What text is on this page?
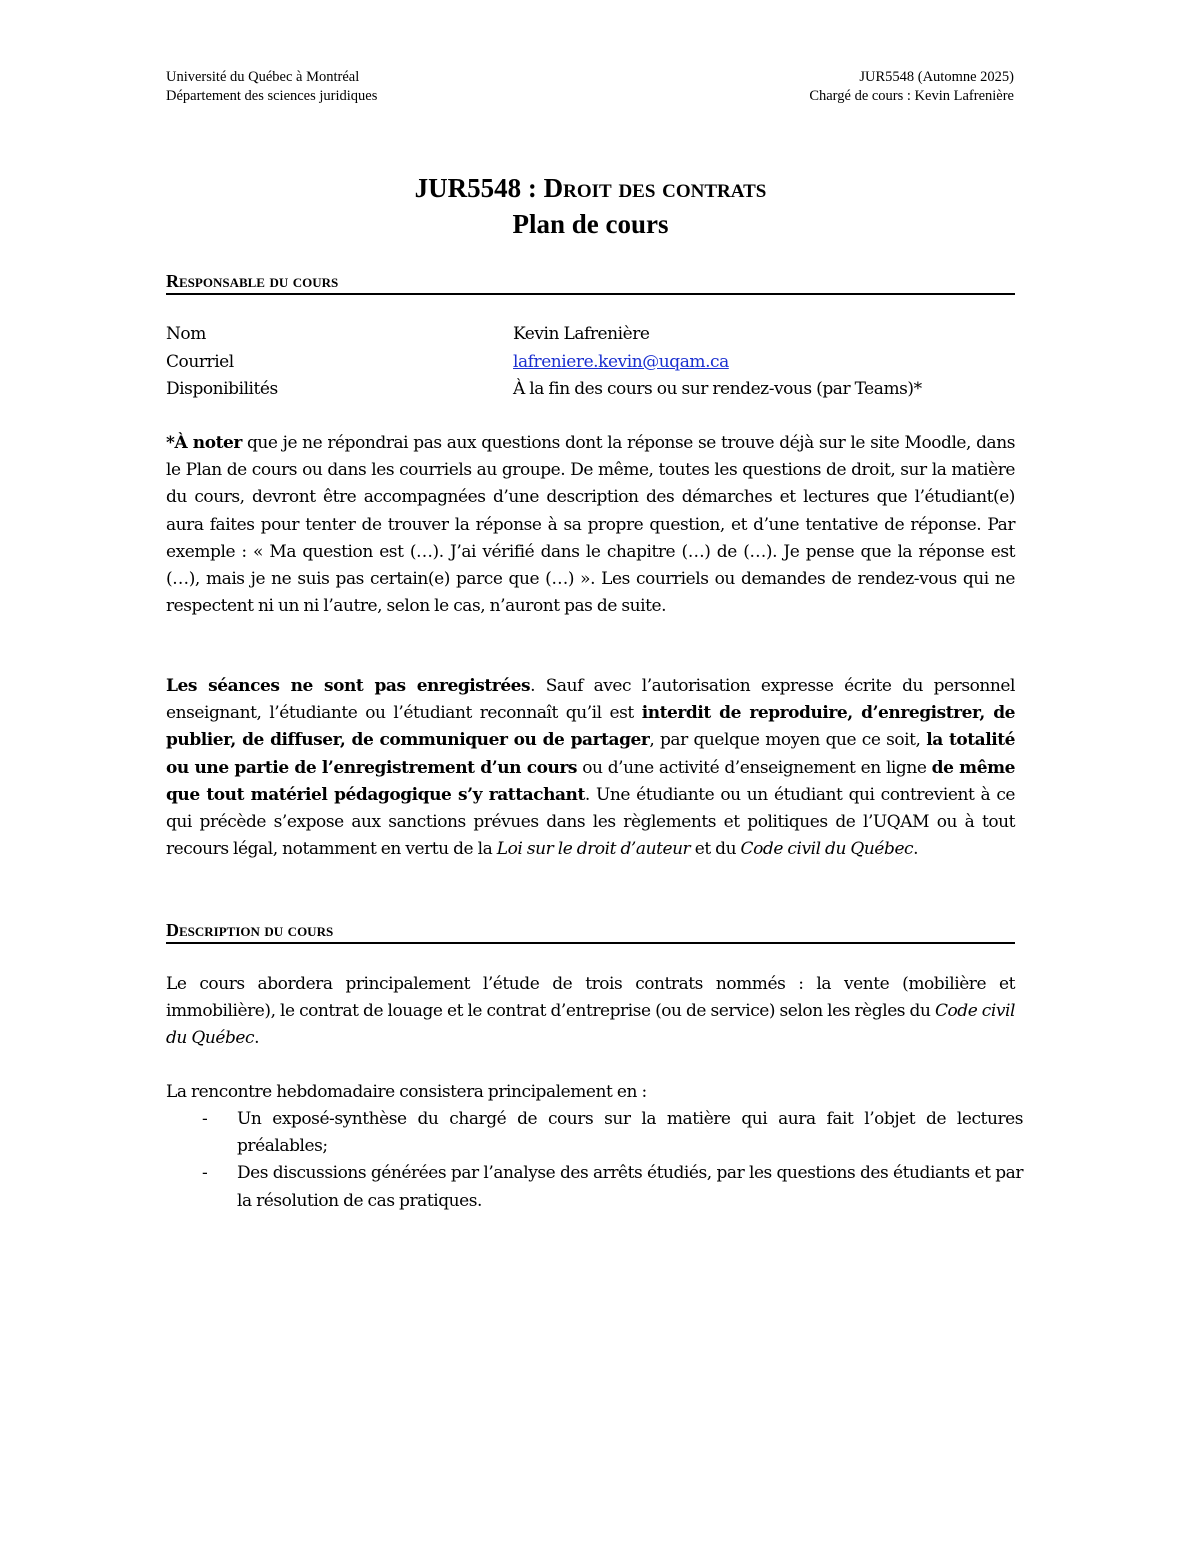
Université du Québec à Montréal
Département des sciences juridiques
JUR5548 (Automne 2025)
Chargé de cours : Kevin Lafrenière
JUR5548 : Droit des contrats
Plan de cours
Responsable du cours
Nom	Kevin Lafrenière
Courriel	lafreniere.kevin@uqam.ca
Disponibilités	À la fin des cours ou sur rendez-vous (par Teams)*

*À noter que je ne répondrai pas aux questions dont la réponse se trouve déjà sur le site Moodle, dans le Plan de cours ou dans les courriels au groupe. De même, toutes les questions de droit, sur la matière du cours, devront être accompagnées d’une description des démarches et lectures que l’étudiant(e) aura faites pour tenter de trouver la réponse à sa propre question, et d’une tentative de réponse. Par exemple : « Ma question est (…). J’ai vérifié dans le chapitre (…) de (…). Je pense que la réponse est (…), mais je ne suis pas certain(e) parce que (…) ». Les courriels ou demandes de rendez-vous qui ne respectent ni un ni l’autre, selon le cas, n’auront pas de suite.

Les séances ne sont pas enregistrées. Sauf avec l’autorisation expresse écrite du personnel enseignant, l’étudiante ou l’étudiant reconnaît qu’il est interdit de reproduire, d’enregistrer, de publier, de diffuser, de communiquer ou de partager, par quelque moyen que ce soit, la totalité ou une partie de l’enregistrement d’un cours ou d’une activité d’enseignement en ligne de même que tout matériel pédagogique s’y rattachant. Une étudiante ou un étudiant qui contrevient à ce qui précède s’expose aux sanctions prévues dans les règlements et politiques de l’UQAM ou à tout recours légal, notamment en vertu de la Loi sur le droit d’auteur et du Code civil du Québec.

Description du cours

Le cours abordera principalement l’étude de trois contrats nommés : la vente (mobilière et immobilière), le contrat de louage et le contrat d’entreprise (ou de service) selon les règles du Code civil du Québec.

La rencontre hebdomadaire consistera principalement en :

- Un exposé-synthèse du chargé de cours sur la matière qui aura fait l’objet de lectures préalables;
- Des discussions générées par l’analyse des arrêts étudiés, par les questions des étudiants et par la résolution de cas pratiques.
